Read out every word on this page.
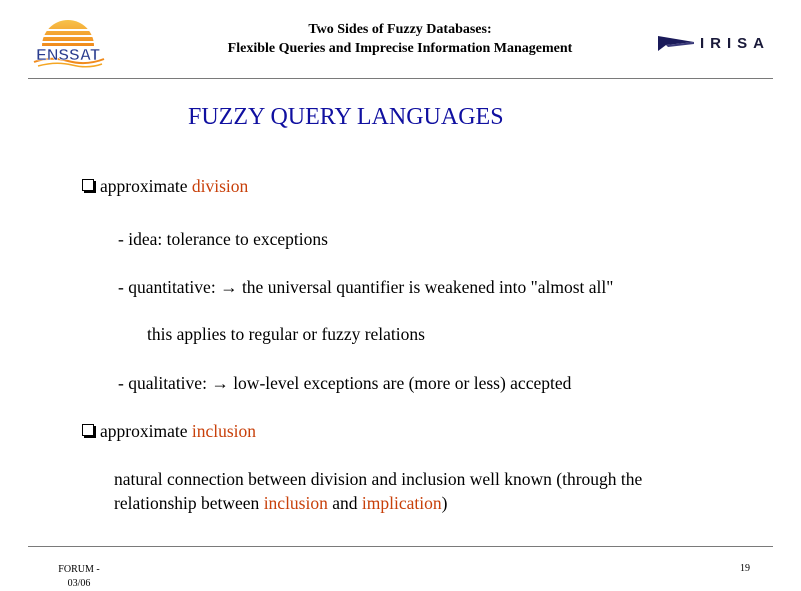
ENSSAT
Two Sides of Fuzzy Databases:
Flexible Queries and Imprecise Information Management	IRISA
FUZZY QUERY LANGUAGES
approximate division
- idea: tolerance to exceptions
- quantitative: → the universal quantifier is weakened into "almost all"
this applies to regular or fuzzy relations
- qualitative: → low-level exceptions are (more or less) accepted
approximate inclusion
natural connection between division and inclusion well known (through the
relationship between inclusion and implication)
FORUM -
03/06
19
